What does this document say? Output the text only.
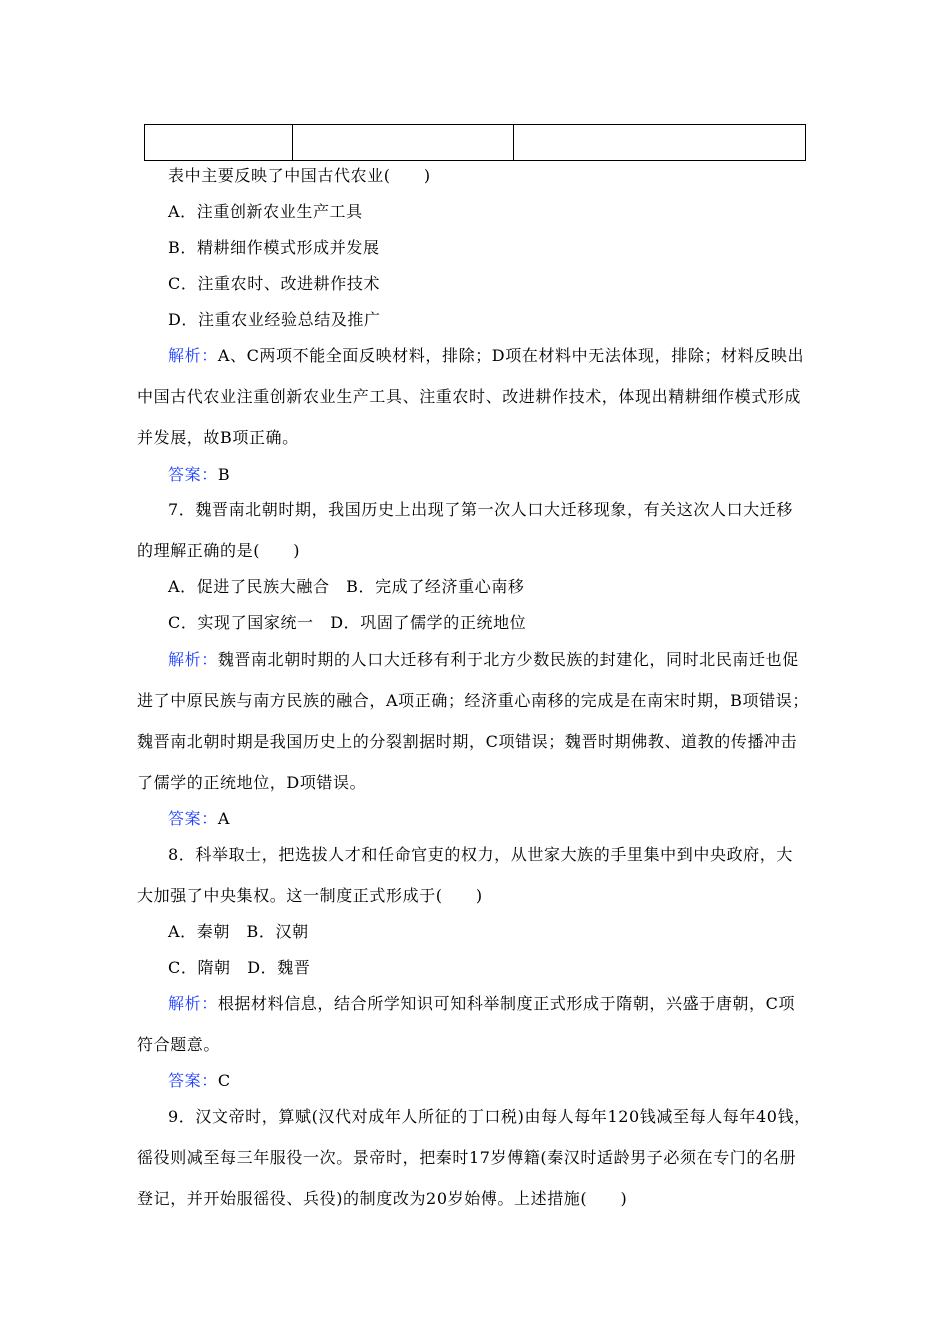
表中主要反映了中国古代农业(　　)
A．注重创新农业生产工具
B．精耕细作模式形成并发展
C．注重农时、改进耕作技术
D．注重农业经验总结及推广
解析：A、C两项不能全面反映材料，排除；D项在材料中无法体现，排除；材料反映出
中国古代农业注重创新农业生产工具、注重农时、改进耕作技术，体现出精耕细作模式形成
并发展，故B项正确。
答案：B
7．魏晋南北朝时期，我国历史上出现了第一次人口大迁移现象，有关这次人口大迁移
的理解正确的是(　　)
A．促进了民族大融合　B．完成了经济重心南移
C．实现了国家统一　D．巩固了儒学的正统地位
解析：魏晋南北朝时期的人口大迁移有利于北方少数民族的封建化，同时北民南迁也促
进了中原民族与南方民族的融合，A项正确；经济重心南移的完成是在南宋时期，B项错误；
魏晋南北朝时期是我国历史上的分裂割据时期，C项错误；魏晋时期佛教、道教的传播冲击
了儒学的正统地位，D项错误。
答案：A
8．科举取士，把选拔人才和任命官吏的权力，从世家大族的手里集中到中央政府，大
大加强了中央集权。这一制度正式形成于(　　)
A．秦朝　B．汉朝
C．隋朝　D．魏晋
解析：根据材料信息，结合所学知识可知科举制度正式形成于隋朝，兴盛于唐朝，C项
符合题意。
答案：C
9．汉文帝时，算赋(汉代对成年人所征的丁口税)由每人每年120钱减至每人每年40钱，
徭役则减至每三年服役一次。景帝时，把秦时17岁傅籍(秦汉时适龄男子必须在专门的名册
登记，并开始服徭役、兵役)的制度改为20岁始傅。上述措施(　　)
